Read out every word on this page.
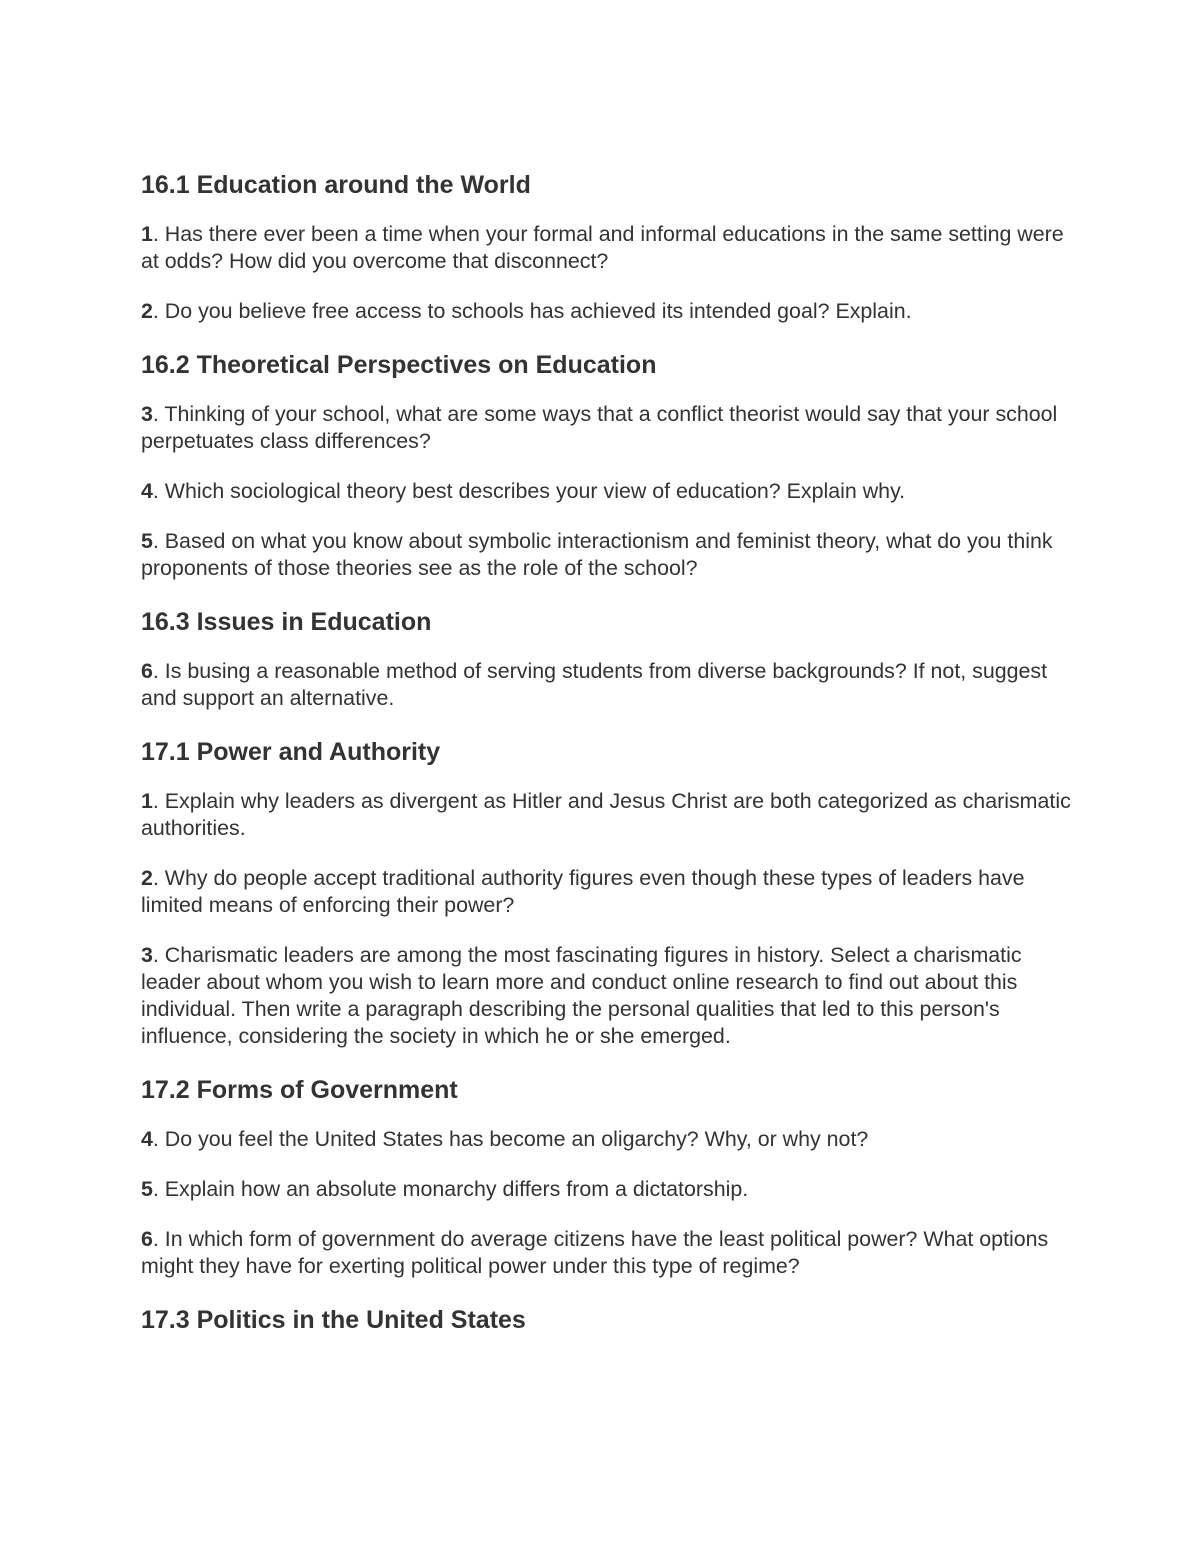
16.1 Education around the World
1. Has there ever been a time when your formal and informal educations in the same setting were at odds? How did you overcome that disconnect?
2. Do you believe free access to schools has achieved its intended goal? Explain.
16.2 Theoretical Perspectives on Education
3. Thinking of your school, what are some ways that a conflict theorist would say that your school perpetuates class differences?
4. Which sociological theory best describes your view of education? Explain why.
5. Based on what you know about symbolic interactionism and feminist theory, what do you think proponents of those theories see as the role of the school?
16.3 Issues in Education
6. Is busing a reasonable method of serving students from diverse backgrounds? If not, suggest and support an alternative.
17.1 Power and Authority
1. Explain why leaders as divergent as Hitler and Jesus Christ are both categorized as charismatic authorities.
2. Why do people accept traditional authority figures even though these types of leaders have limited means of enforcing their power?
3. Charismatic leaders are among the most fascinating figures in history. Select a charismatic leader about whom you wish to learn more and conduct online research to find out about this individual. Then write a paragraph describing the personal qualities that led to this person's influence, considering the society in which he or she emerged.
17.2 Forms of Government
4. Do you feel the United States has become an oligarchy? Why, or why not?
5. Explain how an absolute monarchy differs from a dictatorship.
6. In which form of government do average citizens have the least political power? What options might they have for exerting political power under this type of regime?
17.3 Politics in the United States
